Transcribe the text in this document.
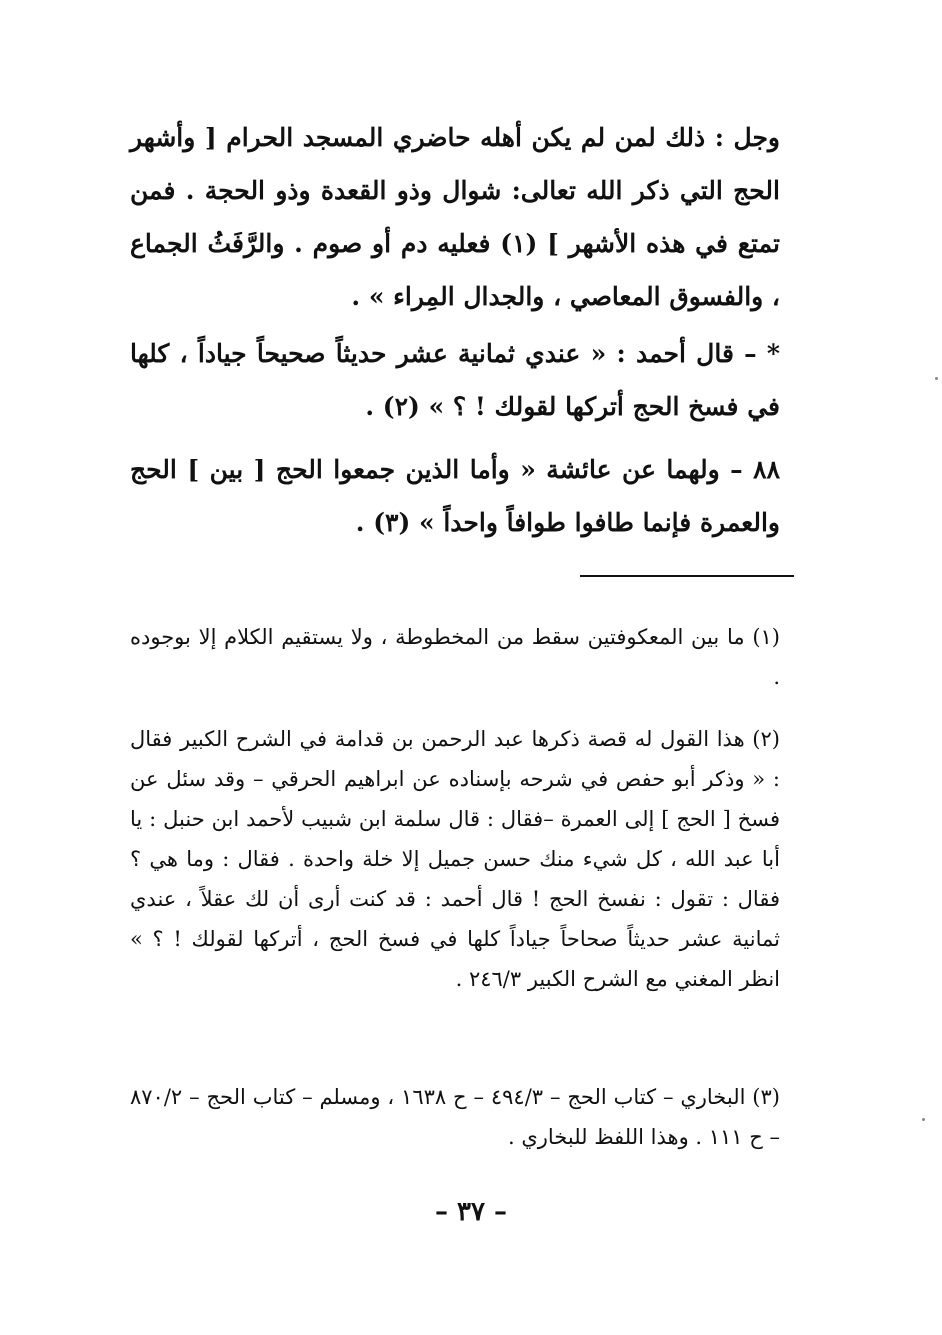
وجل : ذلك لمن لم يكن أهله حاضري المسجد الحرام [ وأشهر الحج التي ذكر الله تعالى: شوال وذو القعدة وذو الحجة . فمن تمتع في هذه الأشهر ] (١) فعليه دم أو صوم . والرَّفَثُ الجماع ، والفسوق المعاصي ، والجدال المِراء » .

* – قال أحمد : « عندي ثمانية عشر حديثاً صحيحاً جياداً ، كلها في فسخ الحج أتركها لقولك ! ؟ » (٢) .

٨٨ – ولهما عن عائشة « وأما الذين جمعوا الحج [ بين ] الحج والعمرة فإنما طافوا طوافاً واحداً » (٣) .

(١) ما بين المعكوفتين سقط من المخطوطة ، ولا يستقيم الكلام إلا بوجوده .

(٢) هذا القول له قصة ذكرها عبد الرحمن بن قدامة في الشرح الكبير فقال : « وذكر أبو حفص في شرحه بإسناده عن ابراهيم الحرقي – وقد سئل عن فسخ [ الحج ] إلى العمرة –فقال : قال سلمة ابن شبيب لأحمد ابن حنبل : يا أبا عبد الله ، كل شيء منك حسن جميل إلا خلة واحدة . فقال : وما هي ؟ فقال : تقول : نفسخ الحج ! قال أحمد : قد كنت أرى أن لك عقلاً ، عندي ثمانية عشر حديثاً صحاحاً جياداً كلها في فسخ الحج ، أتركها لقولك ! ؟ » انظر المغني مع الشرح الكبير ٢٤٦/٣ .

(٣) البخاري – كتاب الحج – ٤٩٤/٣ – ح ١٦٣٨ ، ومسلم – كتاب الحج – ٨٧٠/٢ – ح ١١١ . وهذا اللفظ للبخاري .

– ٣٧ –
